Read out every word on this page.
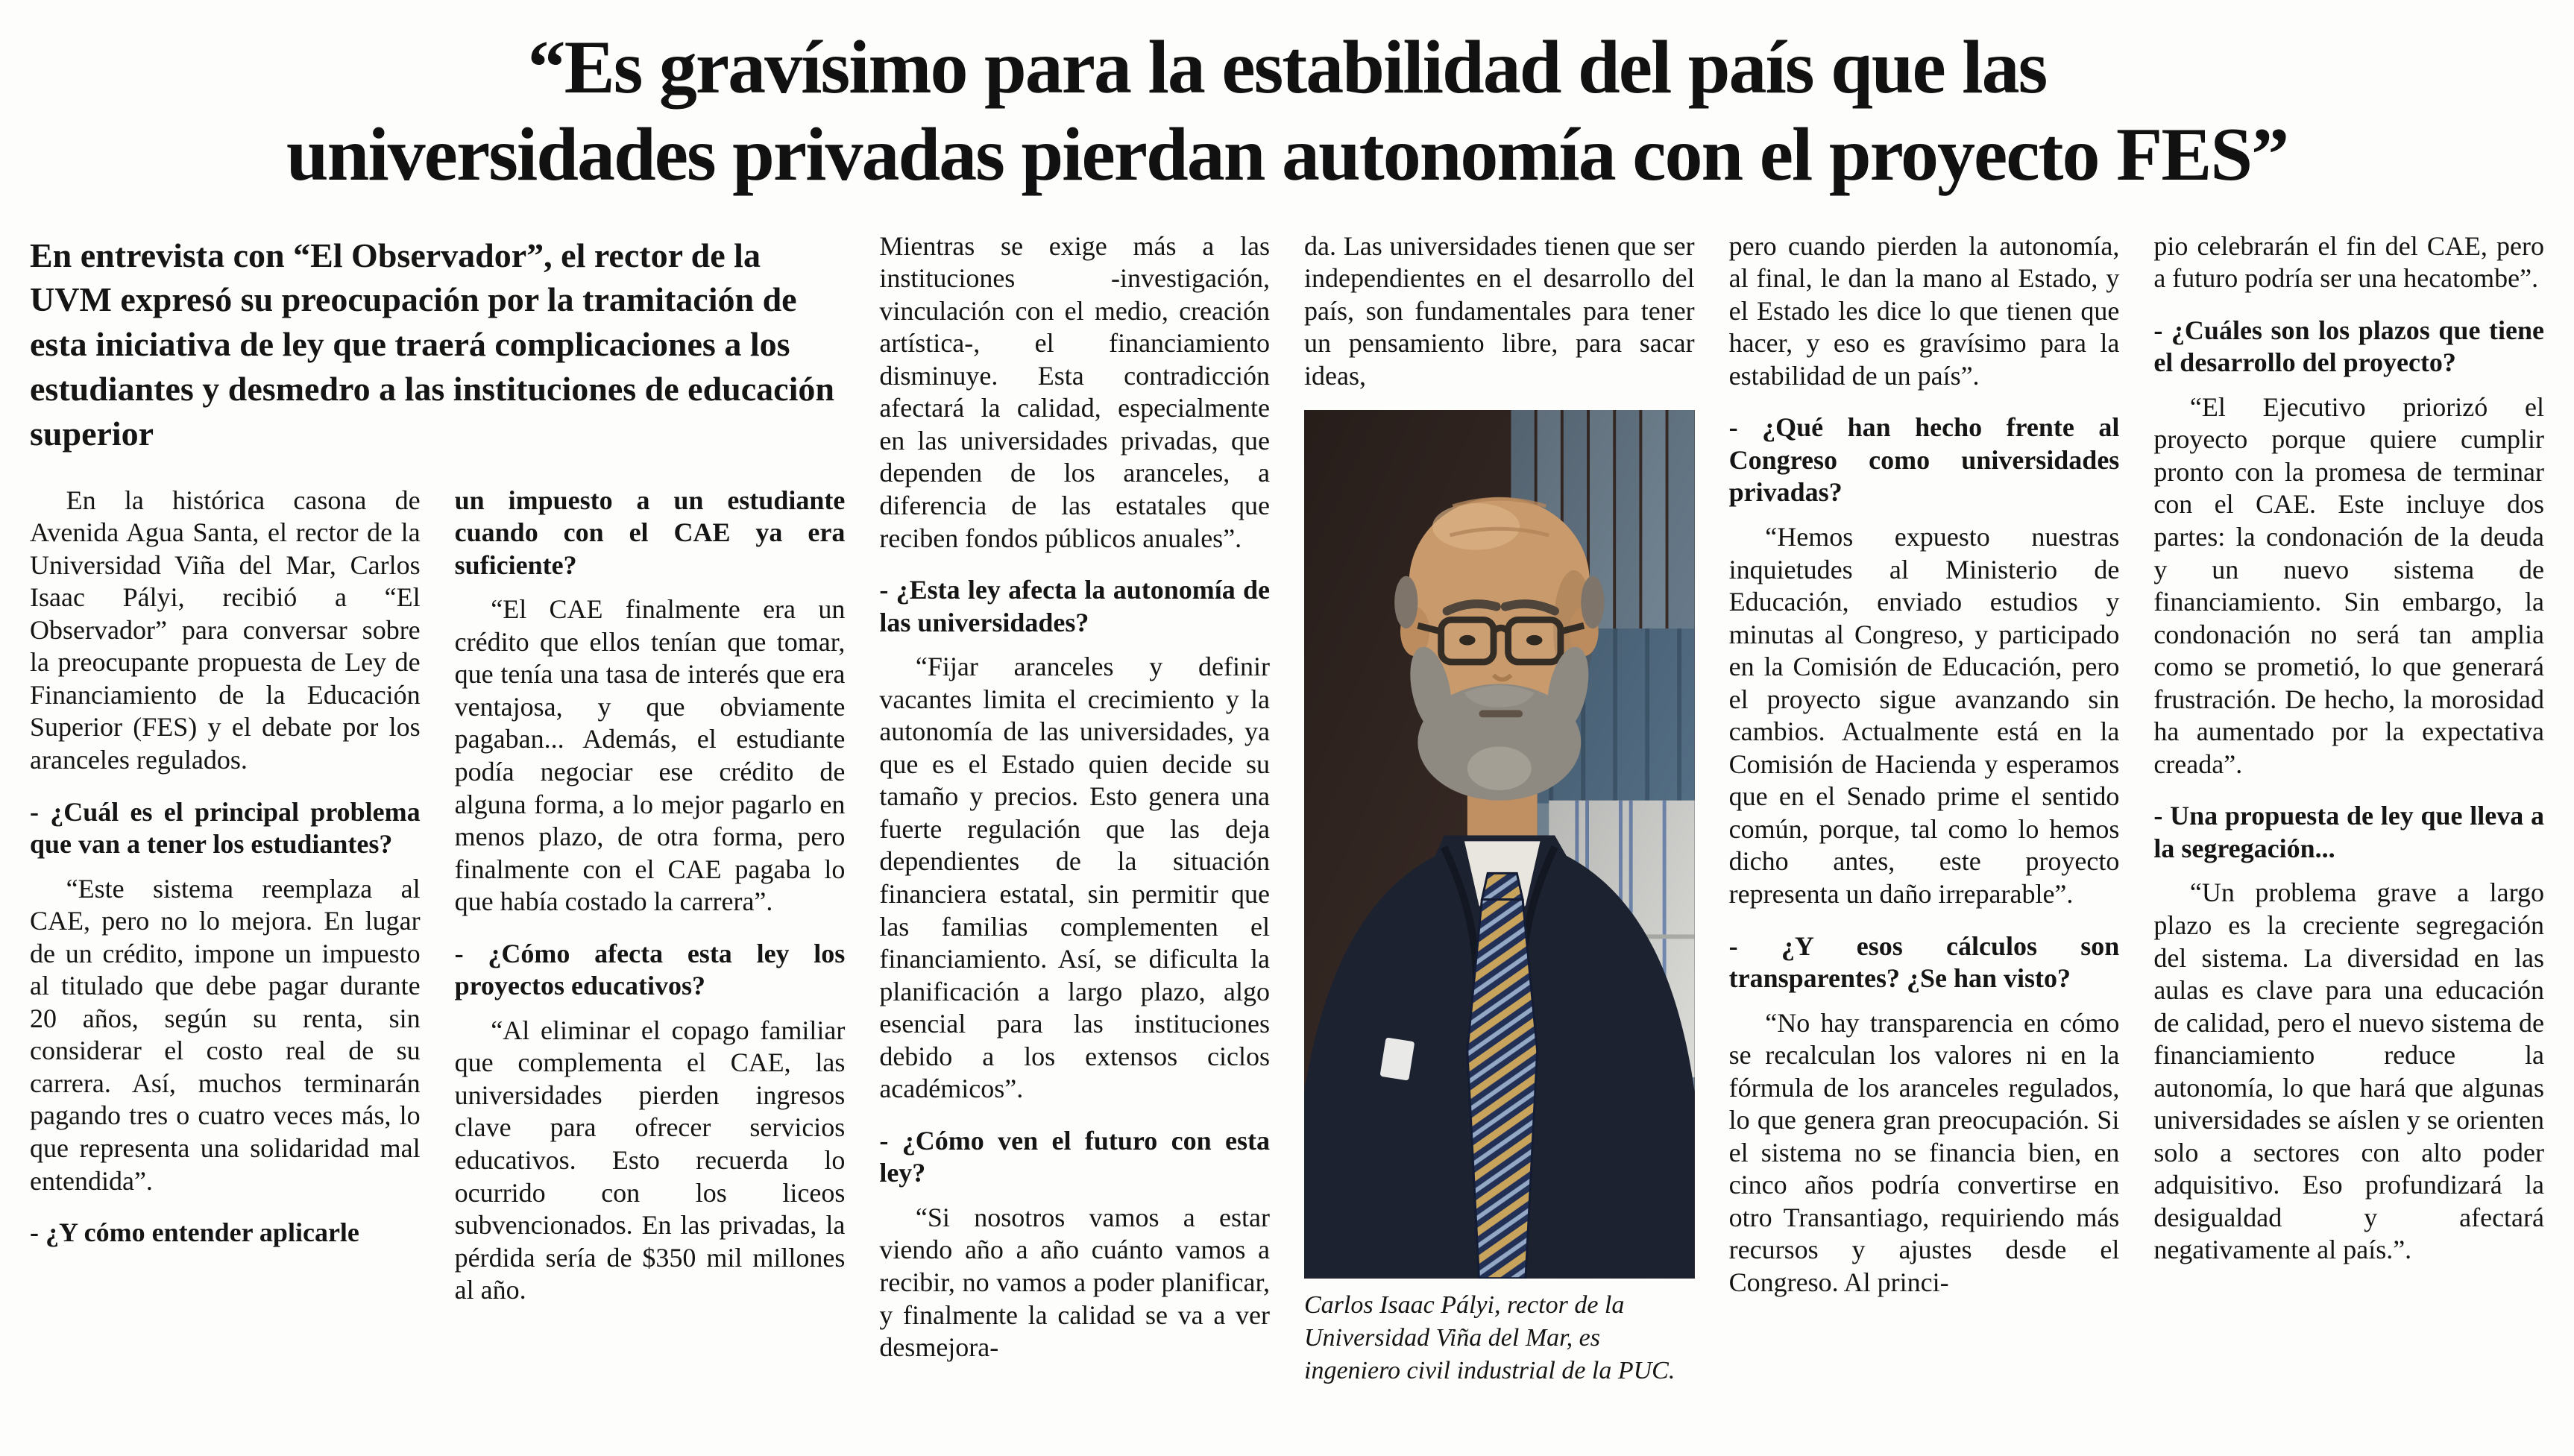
“Es gravísimo para la estabilidad del país que las
universidades privadas pierdan autonomía con el proyecto FES”

En entrevista con “El Observador”, el rector de la UVM expresó su preocupación por la tramitación de esta iniciativa de ley que traerá complicaciones a los estudiantes y desmedro a las instituciones de educación superior

En la histórica casona de Avenida Agua Santa, el rector de la Universidad Viña del Mar, Carlos Isaac Pályi, recibió a “El Observador” para conversar sobre la preocupante propuesta de Ley de Financiamiento de la Educación Superior (FES) y el debate por los aranceles regulados.

- ¿Cuál es el principal problema que van a tener los estudiantes?

“Este sistema reemplaza al CAE, pero no lo mejora. En lugar de un crédito, impone un impuesto al titulado que debe pagar durante 20 años, según su renta, sin considerar el costo real de su carrera. Así, muchos terminarán pagando tres o cuatro veces más, lo que representa una solidaridad mal entendida”.

- ¿Y cómo entender aplicarle

un impuesto a un estudiante cuando con el CAE ya era suficiente?

“El CAE finalmente era un crédito que ellos tenían que tomar, que tenía una tasa de interés que era ventajosa, y que obviamente pagaban... Además, el estudiante podía negociar ese crédito de alguna forma, a lo mejor pagarlo en menos plazo, de otra forma, pero finalmente con el CAE pagaba lo que había costado la carrera”.

- ¿Cómo afecta esta ley los proyectos educativos?

“Al eliminar el copago familiar que complementa el CAE, las universidades pierden ingresos clave para ofrecer servicios educativos. Esto recuerda lo ocurrido con los liceos subvencionados. En las privadas, la pérdida sería de $350 mil millones al año.

Mientras se exige más a las instituciones -investigación, vinculación con el medio, creación artística-, el financiamiento disminuye. Esta contradicción afectará la calidad, especialmente en las universidades privadas, que dependen de los aranceles, a diferencia de las estatales que reciben fondos públicos anuales”.

- ¿Esta ley afecta la autonomía de las universidades?

“Fijar aranceles y definir vacantes limita el crecimiento y la autonomía de las universidades, ya que es el Estado quien decide su tamaño y precios. Esto genera una fuerte regulación que las deja dependientes de la situación financiera estatal, sin permitir que las familias complementen el financiamiento. Así, se dificulta la planificación a largo plazo, algo esencial para las instituciones debido a los extensos ciclos académicos”.

- ¿Cómo ven el futuro con esta ley?

“Si nosotros vamos a estar viendo año a año cuánto vamos a recibir, no vamos a poder planificar, y finalmente la calidad se va a ver desmejora-

da. Las universidades tienen que ser independientes en el desarrollo del país, son fundamentales para tener un pensamiento libre, para sacar ideas,

Carlos Isaac Pályi, rector de la Universidad Viña del Mar, es ingeniero civil industrial de la PUC.

pero cuando pierden la autonomía, al final, le dan la mano al Estado, y el Estado les dice lo que tienen que hacer, y eso es gravísimo para la estabilidad de un país”.

- ¿Qué han hecho frente al Congreso como universidades privadas?

“Hemos expuesto nuestras inquietudes al Ministerio de Educación, enviado estudios y minutas al Congreso, y participado en la Comisión de Educación, pero el proyecto sigue avanzando sin cambios. Actualmente está en la Comisión de Hacienda y esperamos que en el Senado prime el sentido común, porque, tal como lo hemos dicho antes, este proyecto representa un daño irreparable”.

- ¿Y esos cálculos son transparentes? ¿Se han visto?

“No hay transparencia en cómo se recalculan los valores ni en la fórmula de los aranceles regulados, lo que genera gran preocupación. Si el sistema no se financia bien, en cinco años podría convertirse en otro Transantiago, requiriendo más recursos y ajustes desde el Congreso. Al princi-

pio celebrarán el fin del CAE, pero a futuro podría ser una hecatombe”.

- ¿Cuáles son los plazos que tiene el desarrollo del proyecto?

“El Ejecutivo priorizó el proyecto porque quiere cumplir pronto con la promesa de terminar con el CAE. Este incluye dos partes: la condonación de la deuda y un nuevo sistema de financiamiento. Sin embargo, la condonación no será tan amplia como se prometió, lo que generará frustración. De hecho, la morosidad ha aumentado por la expectativa creada”.

- Una propuesta de ley que lleva a la segregación...

“Un problema grave a largo plazo es la creciente segregación del sistema. La diversidad en las aulas es clave para una educación de calidad, pero el nuevo sistema de financiamiento reduce la autonomía, lo que hará que algunas universidades se aíslen y se orienten solo a sectores con alto poder adquisitivo. Eso profundizará la desigualdad y afectará negativamente al país.”.
